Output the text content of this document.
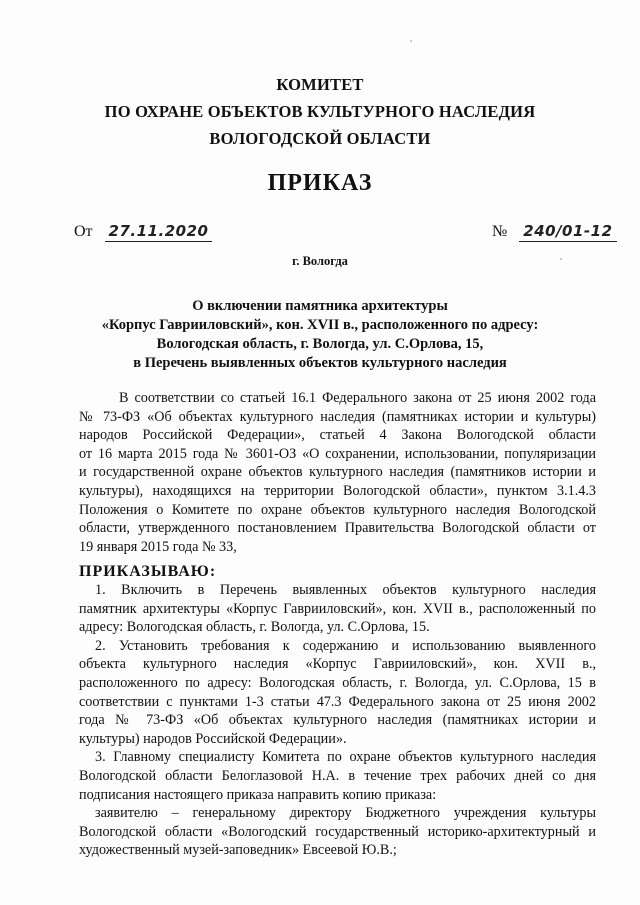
КОМИТЕТ
ПО ОХРАНЕ ОБЪЕКТОВ КУЛЬТУРНОГО НАСЛЕДИЯ
ВОЛОГОДСКОЙ ОБЛАСТИ
ПРИКАЗ
От 27.11.2020	№ 240/01-12
г. Вологда
О включении памятника архитектуры
«Корпус Гаврииловский», кон. XVII в., расположенного по адресу:
Вологодская область, г. Вологда, ул. С.Орлова, 15,
в Перечень выявленных объектов культурного наследия
В соответствии со статьей 16.1 Федерального закона от 25 июня 2002 года
№ 73-ФЗ «Об объектах культурного наследия (памятниках истории и культуры)
народов Российской Федерации», статьей 4 Закона Вологодской области
от 16 марта 2015 года № 3601-ОЗ «О сохранении, использовании, популяризации
и государственной охране объектов культурного наследия (памятников истории и
культуры), находящихся на территории Вологодской области», пунктом 3.1.4.3
Положения о Комитете по охране объектов культурного наследия Вологодской
области, утвержденного постановлением Правительства Вологодской области от
19 января 2015 года № 33,
ПРИКАЗЫВАЮ:
1. Включить в Перечень выявленных объектов культурного наследия
памятник архитектуры «Корпус Гаврииловский», кон. XVII в., расположенный по
адресу: Вологодская область, г. Вологда, ул. С.Орлова, 15.
2. Установить требования к содержанию и использованию выявленного
объекта культурного наследия «Корпус Гаврииловский», кон. XVII в.,
расположенного по адресу: Вологодская область, г. Вологда, ул. С.Орлова, 15 в
соответствии с пунктами 1-3 статьи 47.3 Федерального закона от 25 июня 2002
года № 73-ФЗ «Об объектах культурного наследия (памятниках истории и
культуры) народов Российской Федерации».
3. Главному специалисту Комитета по охране объектов культурного наследия
Вологодской области Белоглазовой Н.А. в течение трех рабочих дней со дня
подписания настоящего приказа направить копию приказа:
заявителю – генеральному директору Бюджетного учреждения культуры
Вологодской области «Вологодский государственный историко-архитектурный и
художественный музей-заповедник» Евсеевой Ю.В.;
